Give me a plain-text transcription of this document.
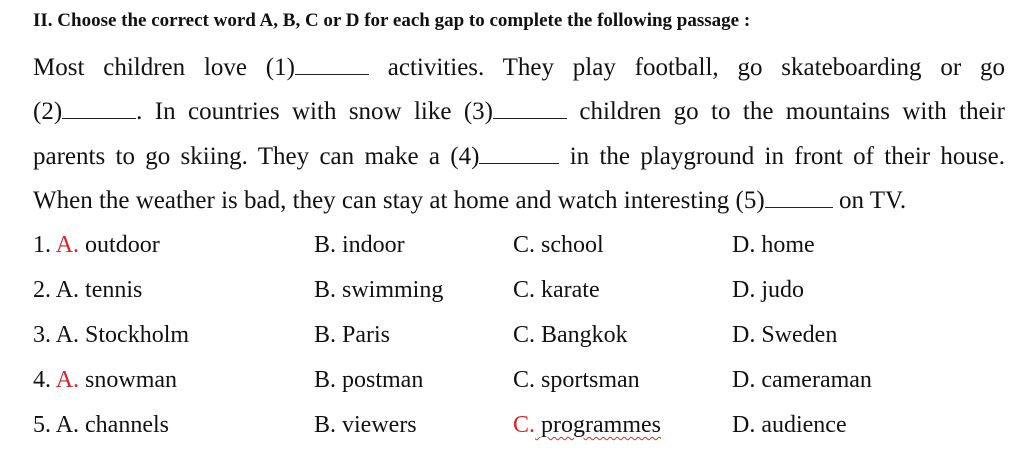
II. Choose the correct word A, B, C or D for each gap to complete the following passage :
Most children love (1)	activities. They play football, go skateboarding or go
(2)	. In countries with snow like (3)	children go to the mountains with their
parents to go skiing. They can make a (4)	in the playground in front of their house.
When the weather is bad, they can stay at home and watch interesting (5)	on TV.
1. A. outdoor	B. indoor	C. school	D. home
2. A. tennis	B. swimming	C. karate	D. judo
3. A. Stockholm	B. Paris	C. Bangkok	D. Sweden
4. A. snowman	B. postman	C. sportsman	D. cameraman
5. A. channels	B. viewers	C. programmes	D. audience
